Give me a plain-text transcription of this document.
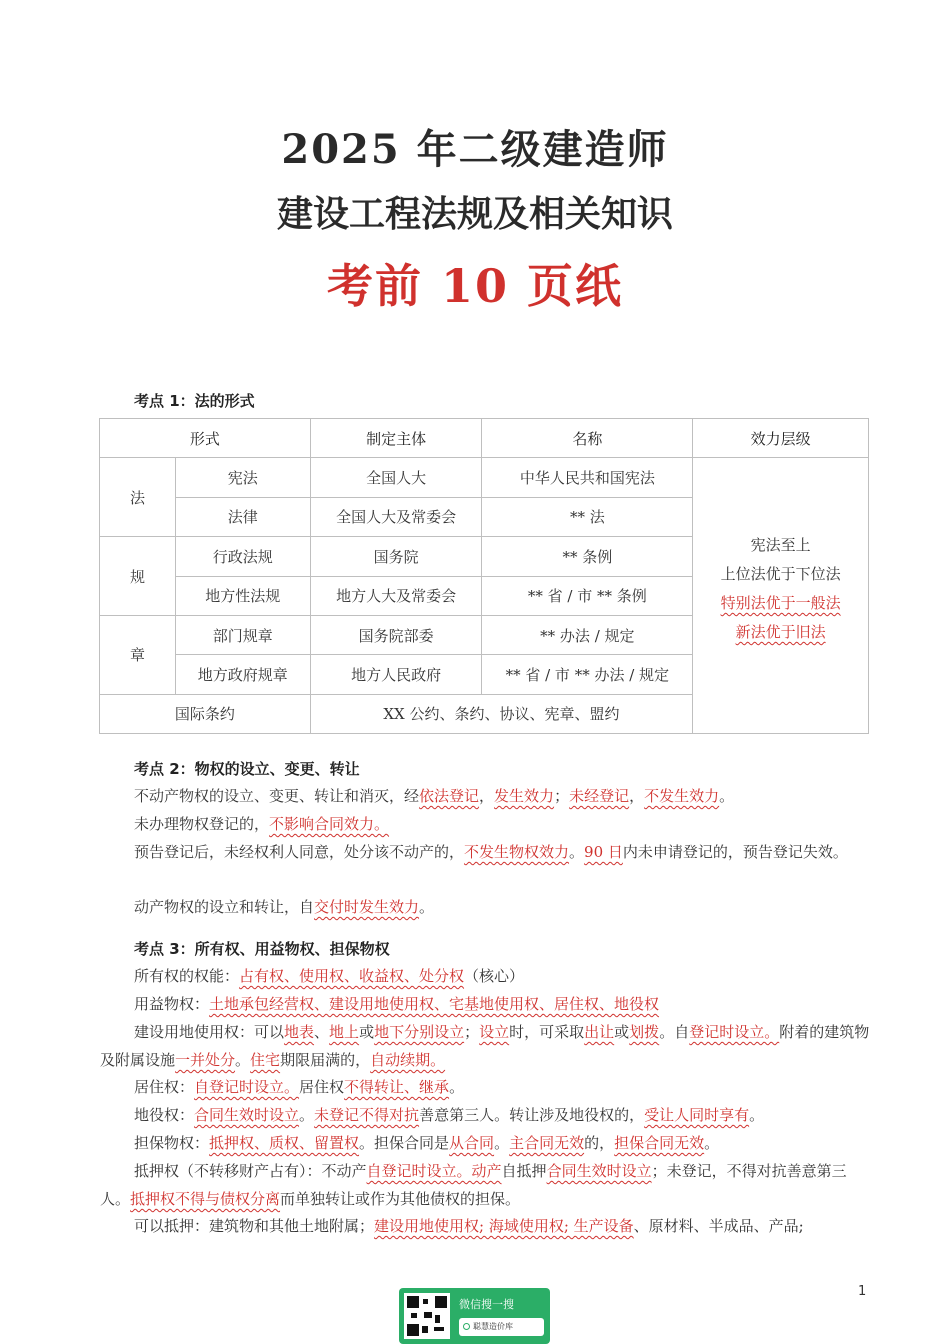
2025 年二级建造师
建设工程法规及相关知识
考前 10 页纸
考点 1：法的形式
形式		制定主体	名称	效力层级
法	宪法	全国人大	中华人民共和国宪法	宪法至上
上位法优于下位法
特别法优于一般法
新法优于旧法

	法律	全国人大及常委会	** 法	
规	行政法规	国务院	** 条例	
	地方性法规	地方人大及常委会	** 省 / 市 ** 条例	
章	部门规章	国务院部委	** 办法 / 规定	
	地方政府规章	地方人民政府	** 省 / 市 ** 办法 / 规定	
国际条约		XX 公约、条约、协议、宪章、盟约		
考点 2：物权的设立、变更、转让
不动产物权的设立、变更、转让和消灭，经依法登记，发生效力；未经登记，不发生效力。
未办理物权登记的，不影响合同效力。
预告登记后，未经权利人同意，处分该不动产的，不发生物权效力。90 日内未申请登记的，预告登记失效。
动产物权的设立和转让，自交付时发生效力。
考点 3：所有权、用益物权、担保物权
所有权的权能：占有权、使用权、收益权、处分权（核心）
用益物权：土地承包经营权、建设用地使用权、宅基地使用权、居住权、地役权
建设用地使用权：可以地表、地上或地下分别设立；设立时，可采取出让或划拨。自登记时设立。附着的建筑物及附属设施一并处分。住宅期限届满的，自动续期。
居住权：自登记时设立。居住权不得转让、继承。
地役权：合同生效时设立。未登记不得对抗善意第三人。转让涉及地役权的，受让人同时享有。
担保物权：抵押权、质权、留置权。担保合同是从合同。主合同无效的，担保合同无效。
抵押权（不转移财产占有）：不动产自登记时设立。动产自抵押合同生效时设立；未登记，不得对抗善意第三人。抵押权不得与债权分离而单独转让或作为其他债权的担保。
可以抵押：建筑物和其他土地附属；建设用地使用权; 海域使用权; 生产设备、原材料、半成品、产品;
1
微信搜一搜
聪慧造价库
